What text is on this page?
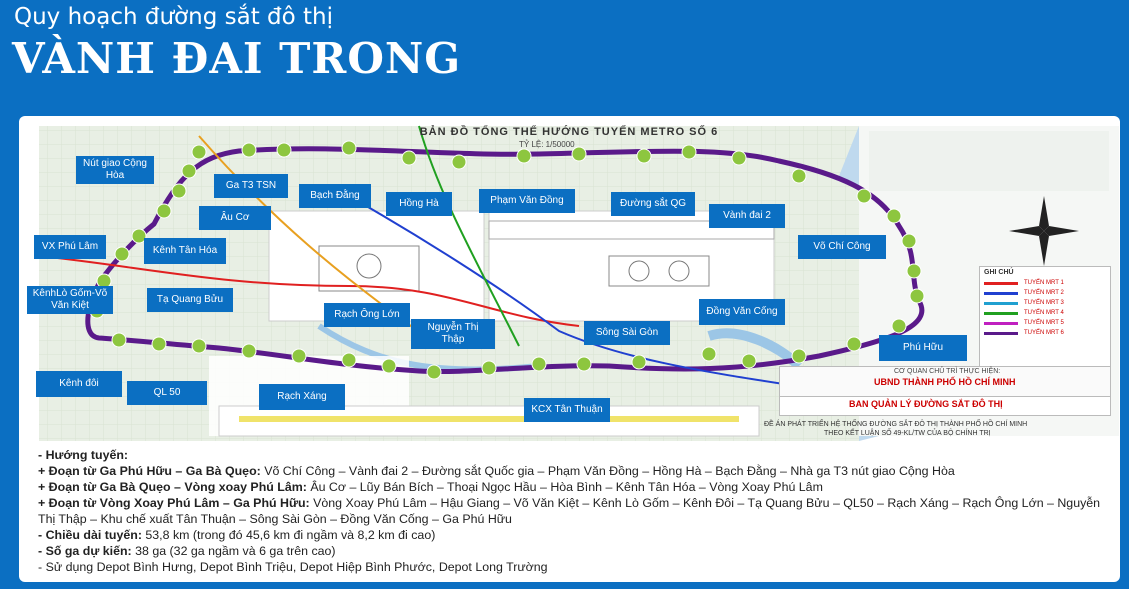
Quy hoạch đường sắt đô thị
VÀNH ĐAI TRONG
BẢN ĐỒ TỔNG THỂ HƯỚNG TUYẾN METRO SỐ 6
TỶ LỆ: 1/50000
Nút giao Cộng Hòa
Ga T3 TSN
Bạch Đằng
Hồng Hà	Phạm Văn Đồng	Đường sắt QG
Vành đai 2
Võ Chí Công
Âu Cơ
Kênh Tân Hóa
VX Phú Lâm
KênhLò Gốm-Võ Văn Kiệt
Tạ Quang Bửu
Rạch Ông Lớn
Nguyễn Thị Thập
Sông Sài Gòn
Đồng Văn Cống
Phú Hữu
Kênh đôi
QL 50	Rạch Xáng
KCX Tân Thuận
GHI CHÚ
TUYẾN MRT 1
TUYẾN MRT 2
TUYẾN MRT 3
TUYẾN MRT 4
TUYẾN MRT 5
TUYẾN MRT 6
CƠ QUAN CHỦ TRÌ THỰC HIỆN:
UBND THÀNH PHỐ HỒ CHÍ MINH
BAN QUẢN LÝ ĐƯỜNG SẮT ĐÔ THỊ
ĐỀ ÁN PHÁT TRIỂN HỆ THỐNG ĐƯỜNG SẮT ĐÔ THỊ THÀNH PHỐ HỒ CHÍ MINH
THEO KẾT LUẬN SỐ 49-KL/TW CỦA BỘ CHÍNH TRỊ
- Hướng tuyến:
+ Đoạn từ Ga Phú Hữu – Ga Bà Quẹo: Võ Chí Công – Vành đai 2 – Đường sắt Quốc gia – Phạm Văn Đồng – Hồng Hà – Bạch Đằng – Nhà ga T3 nút giao Cộng Hòa
+ Đoạn từ Ga Bà Quẹo – Vòng xoay Phú Lâm: Âu Cơ – Lũy Bán Bích – Thoại Ngọc Hầu – Hòa Bình – Kênh Tân Hóa – Vòng Xoay Phú Lâm
+ Đoạn từ Vòng Xoay Phú Lâm – Ga Phú Hữu: Vòng Xoay Phú Lâm – Hậu Giang – Võ Văn Kiệt – Kênh Lò Gốm – Kênh Đôi – Tạ Quang Bửu – QL50 – Rạch Xáng – Rạch Ông Lớn – Nguyễn Thị Thập – Khu chế xuất Tân Thuận – Sông Sài Gòn – Đồng Văn Cống – Ga Phú Hữu
- Chiều dài tuyến: 53,8 km (trong đó 45,6 km đi ngầm và 8,2 km đi cao)
- Số ga dự kiến: 38 ga (32 ga ngầm và 6 ga trên cao)
- Sử dụng Depot Bình Hưng, Depot Bình Triệu, Depot Hiệp Bình Phước, Depot Long Trường
